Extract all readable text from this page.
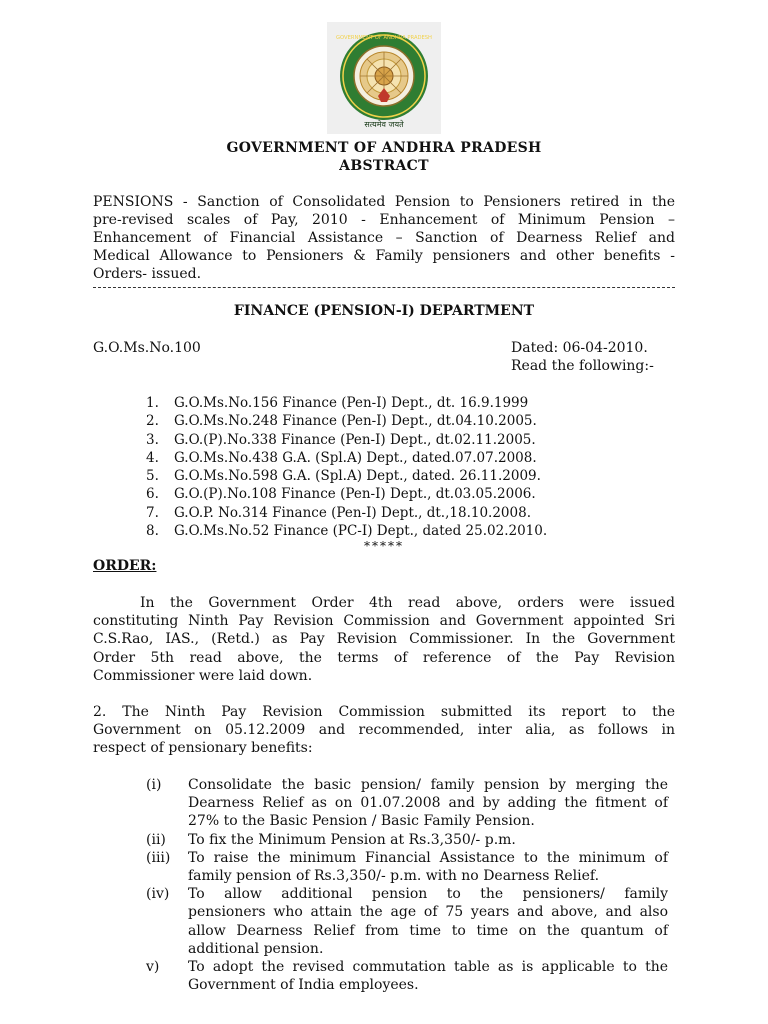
सत्यमेव जयते
GOVERNMENT OF ANDHRA PRADESH
GOVERNMENT OF ANDHRA PRADESH
ABSTRACT
PENSIONS - Sanction of Consolidated Pension to Pensioners retired in the
pre-revised scales of Pay, 2010 - Enhancement of Minimum Pension –
Enhancement of Financial Assistance – Sanction of Dearness Relief and
Medical Allowance to Pensioners & Family pensioners and other benefits -
Orders- issued.
FINANCE (PENSION-I) DEPARTMENT
G.O.Ms.No.100	Dated: 06-04-2010.
Read the following:-
1.	G.O.Ms.No.156 Finance (Pen-I) Dept., dt. 16.9.1999
2.	G.O.Ms.No.248 Finance (Pen-I) Dept., dt.04.10.2005.
3.	G.O.(P).No.338 Finance (Pen-I) Dept., dt.02.11.2005.
4.	G.O.Ms.No.438 G.A. (Spl.A) Dept., dated.07.07.2008.
5.	G.O.Ms.No.598 G.A. (Spl.A) Dept., dated. 26.11.2009.
6.	G.O.(P).No.108 Finance (Pen-I) Dept., dt.03.05.2006.
7.	G.O.P. No.314 Finance (Pen-I) Dept., dt.,18.10.2008.
8.	G.O.Ms.No.52 Finance (PC-I) Dept., dated 25.02.2010.
*****
ORDER:
In the Government Order 4th read above, orders were issued
constituting Ninth Pay Revision Commission and Government appointed Sri
C.S.Rao, IAS., (Retd.) as Pay Revision Commissioner. In the Government
Order 5th read above, the terms of reference of the Pay Revision
Commissioner were laid down.
2. The Ninth Pay Revision Commission submitted its report to the
Government on 05.12.2009 and recommended, inter alia, as follows in
respect of pensionary benefits:
(i)	Consolidate the basic pension/ family pension by merging the
Dearness Relief as on 01.07.2008 and by adding the fitment of
27% to the Basic Pension / Basic Family Pension.
(ii)	To fix the Minimum Pension at Rs.3,350/- p.m.
(iii)	To raise the minimum Financial Assistance to the minimum of
family pension of Rs.3,350/- p.m. with no Dearness Relief.
(iv)	To allow additional pension to the pensioners/ family
pensioners who attain the age of 75 years and above, and also
allow Dearness Relief from time to time on the quantum of
additional pension.
v)	To adopt the revised commutation table as is applicable to the
Government of India employees.
